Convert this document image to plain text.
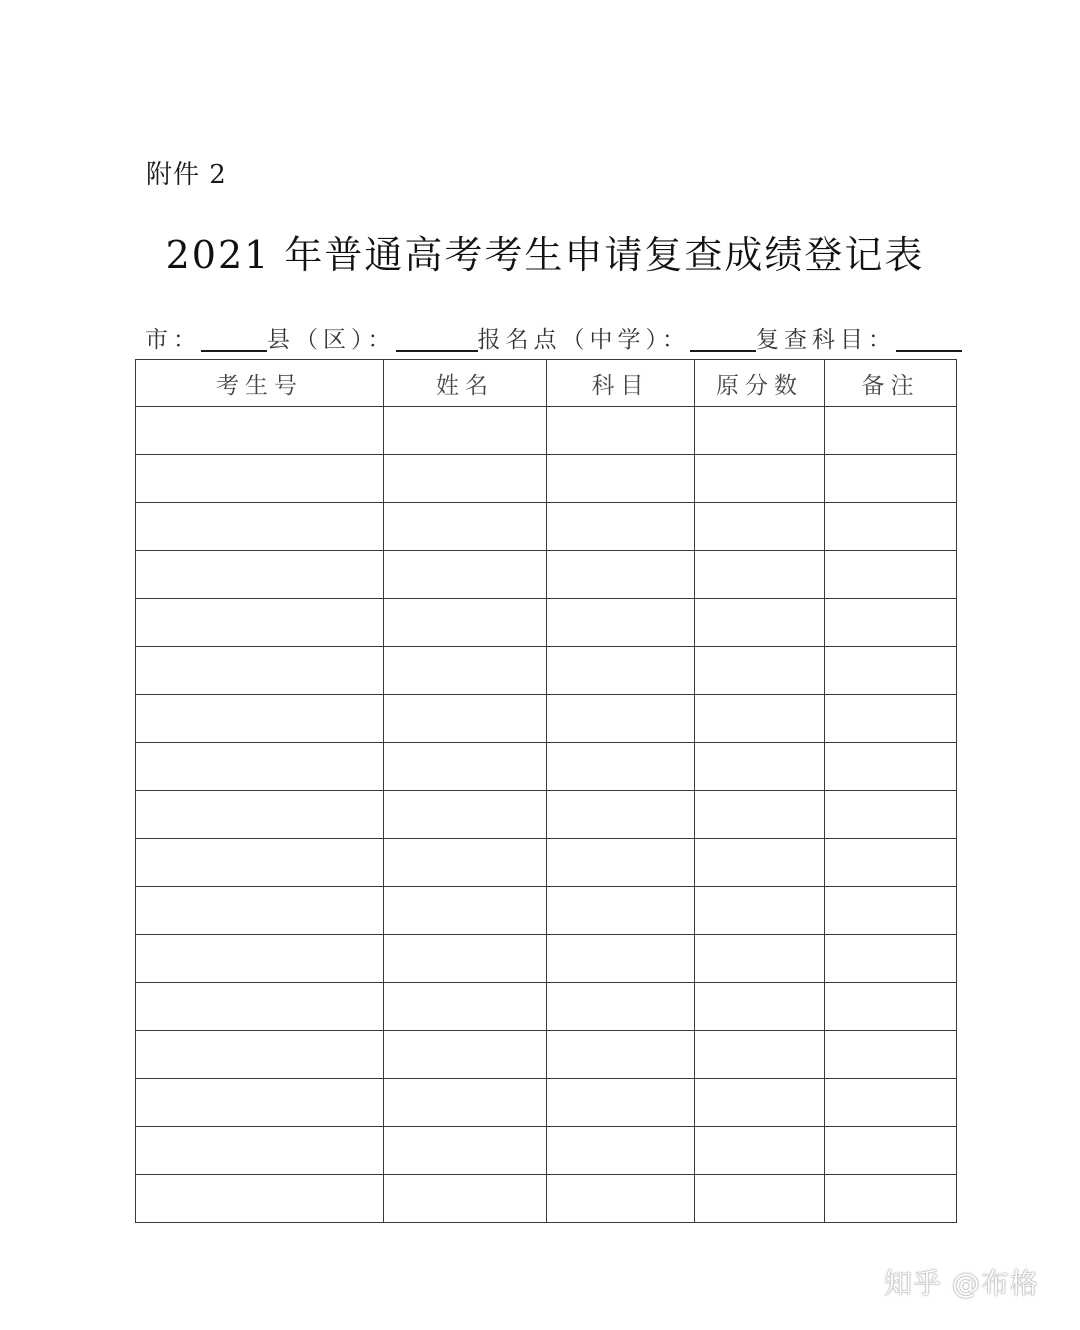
附件 2
2021 年普通高考考生申请复查成绩登记表
市：	县（区）：	报名点（中学）：	复查科目：
考生号	姓名	科目	原分数	备注

知乎 @布格
